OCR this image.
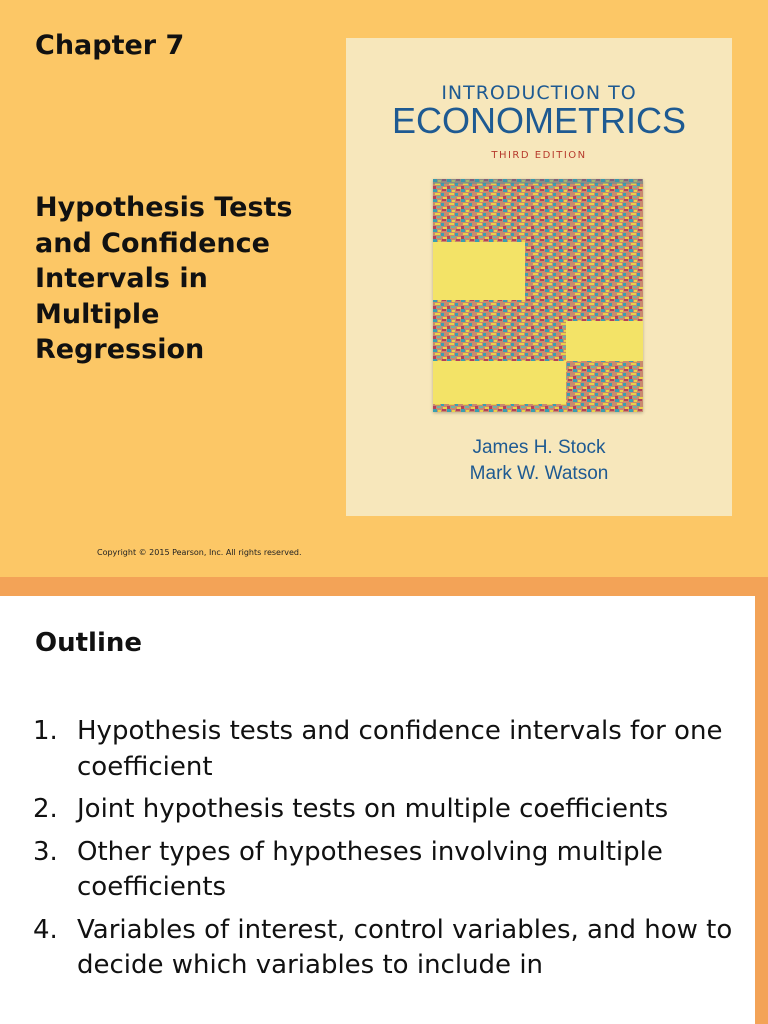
Chapter 7
Hypothesis Tests
and Confidence
Intervals in
Multiple
Regression
Copyright © 2015 Pearson, Inc. All rights reserved.
INTRODUCTION TO
ECONOMETRICS
THIRD EDITION
James H. Stock
Mark W. Watson
Outline
1. Hypothesis tests and confidence intervals for one coefficient
2. Joint hypothesis tests on multiple coefficients
3. Other types of hypotheses involving multiple coefficients
4. Variables of interest, control variables, and how to decide which variables to include in
